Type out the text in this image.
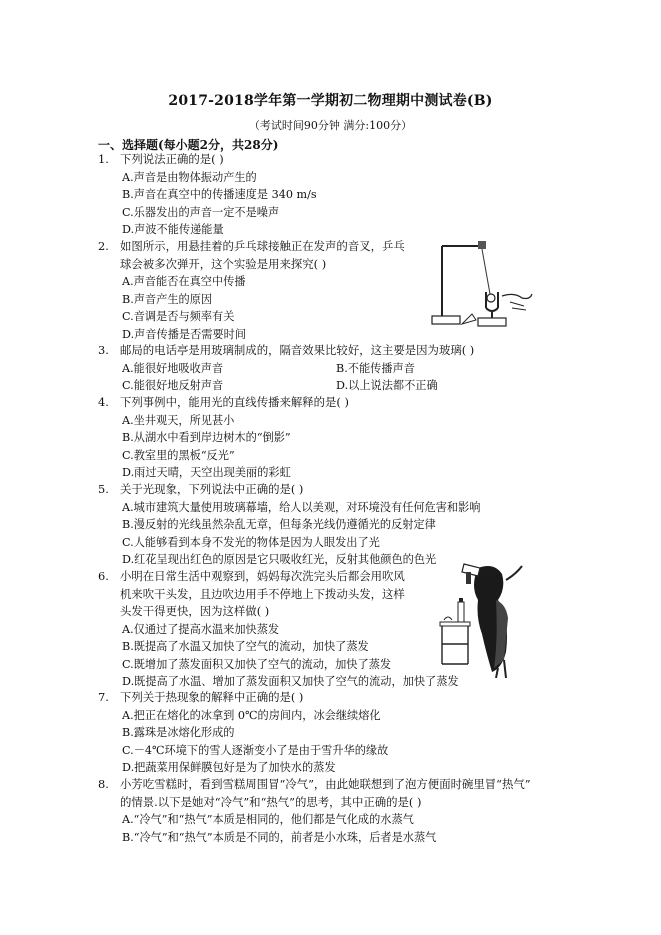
2017-2018学年第一学期初二物理期中测试卷(B)
（考试时间90分钟 满分:100分）
一、选择题(每小题2分，共28分)
1. 下列说法正确的是( )
A.声音是由物体振动产生的
B.声音在真空中的传播速度是 340 m/s
C.乐器发出的声音一定不是噪声
D.声波不能传递能量
2. 如图所示，用悬挂着的乒乓球接触正在发声的音叉，乒乓
球会被多次弹开，这个实验是用来探究( )
A.声音能否在真空中传播
B.声音产生的原因
C.音调是否与频率有关
D.声音传播是否需要时间
3. 邮局的电话亭是用玻璃制成的，隔音效果比较好，这主要是因为玻璃( )
A.能很好地吸收声音	B.不能传播声音
C.能很好地反射声音	D.以上说法都不正确
4. 下列事例中，能用光的直线传播来解释的是( )
A.坐井观天，所见甚小
B.从湖水中看到岸边树木的“倒影”
C.教室里的黑板“反光”
D.雨过天晴，天空出现美丽的彩虹
5. 关于光现象，下列说法中正确的是( )
A.城市建筑大量使用玻璃幕墙，给人以美观，对环境没有任何危害和影响
B.漫反射的光线虽然杂乱无章，但每条光线仍遵循光的反射定律
C.人能够看到本身不发光的物体是因为人眼发出了光
D.红花呈现出红色的原因是它只吸收红光，反射其他颜色的色光
6. 小明在日常生活中观察到，妈妈每次洗完头后都会用吹风
机来吹干头发，且边吹边用手不停地上下拨动头发，这样
头发干得更快，因为这样做( )
A.仅通过了提高水温来加快蒸发
B.既提高了水温又加快了空气的流动，加快了蒸发
C.既增加了蒸发面积又加快了空气的流动，加快了蒸发
D.既提高了水温、增加了蒸发面积又加快了空气的流动，加快了蒸发
7. 下列关于热现象的解释中正确的是( )
A.把正在熔化的冰拿到 0℃的房间内，冰会继续熔化
B.露珠是冰熔化形成的
C.－4℃环境下的雪人逐渐变小了是由于雪升华的缘故
D.把蔬菜用保鲜膜包好是为了加快水的蒸发
8. 小芳吃雪糕时，看到雪糕周围冒“冷气”，由此她联想到了泡方便面时碗里冒“热气”
的情景.以下是她对“冷气”和“热气”的思考，其中正确的是( )
A.“冷气”和“热气”本质是相同的，他们都是气化成的水蒸气
B.“冷气”和“热气”本质是不同的，前者是小水珠，后者是水蒸气
